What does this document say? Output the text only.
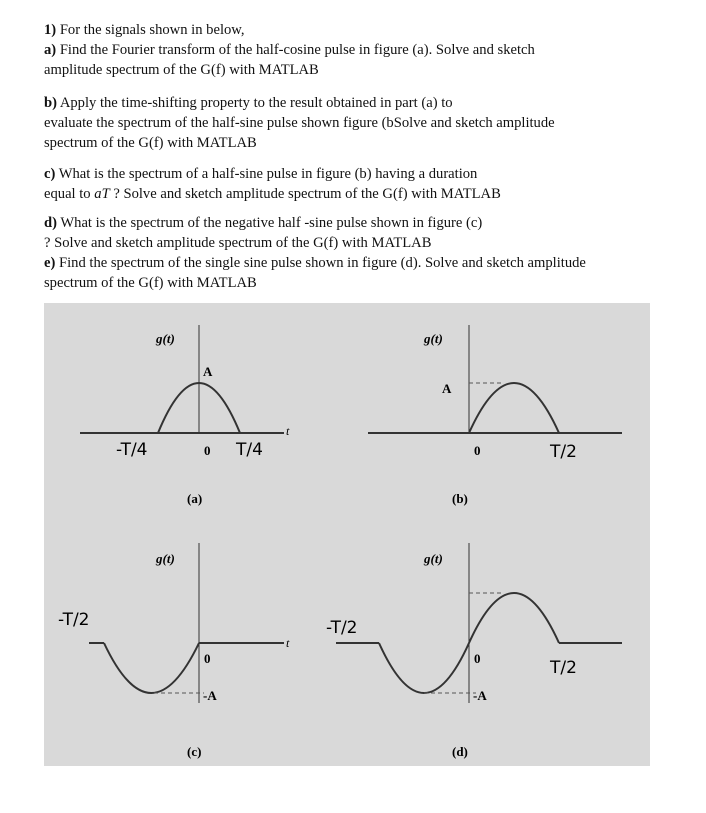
1) For the signals shown in below,

a) Find the Fourier transform of the half-cosine pulse in figure (a). Solve and sketch

amplitude spectrum of the G(f) with MATLAB

b) Apply the time-shifting property to the result obtained in part (a) to

evaluate the spectrum of the half-sine pulse shown figure (bSolve and sketch amplitude

spectrum of the G(f) with MATLAB

c) What is the spectrum of a half-sine pulse in figure (b) having a duration

equal to aT ? Solve and sketch amplitude spectrum of the G(f) with MATLAB

d) What is the spectrum of the negative half -sine pulse shown in figure (c)

? Solve and sketch amplitude spectrum of the G(f) with MATLAB

e) Find the spectrum of the single sine pulse shown in figure (d). Solve and sketch amplitude

spectrum of the G(f) with MATLAB

g(t)
A
-T/4	0 T/4
t
(a)
g(t)
A
0	T/2
(b)
g(t)
-T/2
0
-A
t
(c)
g(t)
-T/2
0	T/2
-A
(d)
